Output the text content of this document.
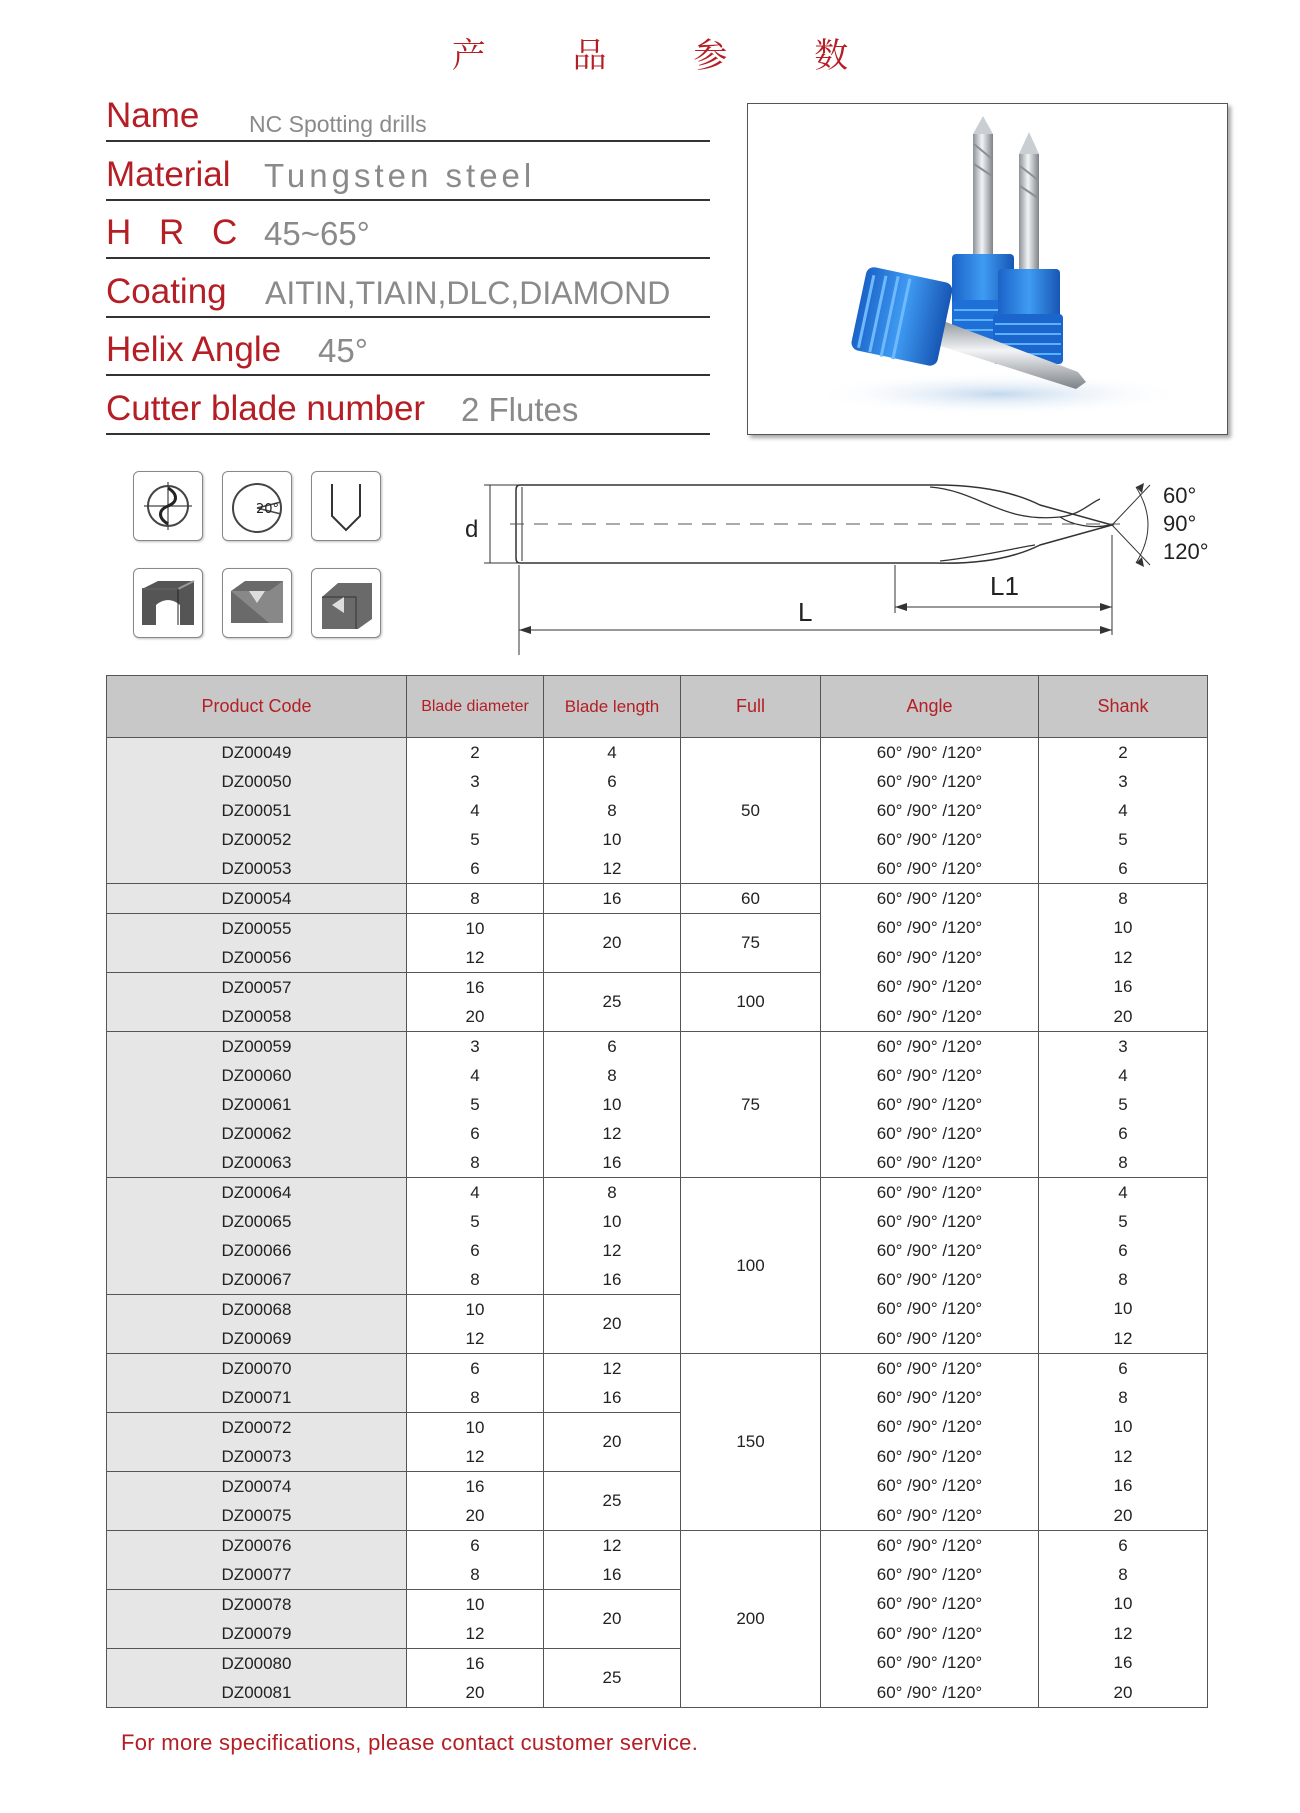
产 品 参 数
Name NC Spotting drills
Material Tungsten steel
H R C 45~65°
Coating AITIN,TIAIN,DLC,DIAMOND
Helix Angle 45°
Cutter blade number 2 Flutes
20°
d
L1
L
60°
90°
120°
Product Code	Blade diameter	Blade length	Full	Angle	Shank
DZ00049	2	4	50	60° /90° /120°	2
DZ00050	3	6		60° /90° /120°	3
DZ00051	4	8		60° /90° /120°	4
DZ00052	5	10		60° /90° /120°	5
DZ00053	6	12		60° /90° /120°	6
DZ00054	8	16	60	60° /90° /120°	8
DZ00055	10	20	75	60° /90° /120°	10
DZ00056	12			60° /90° /120°	12
DZ00057	16	25	100	60° /90° /120°	16
DZ00058	20			60° /90° /120°	20
DZ00059	3	6	75	60° /90° /120°	3
DZ00060	4	8		60° /90° /120°	4
DZ00061	5	10		60° /90° /120°	5
DZ00062	6	12		60° /90° /120°	6
DZ00063	8	16		60° /90° /120°	8
DZ00064	4	8	100	60° /90° /120°	4
DZ00065	5	10		60° /90° /120°	5
DZ00066	6	12		60° /90° /120°	6
DZ00067	8	16		60° /90° /120°	8
DZ00068	10	20		60° /90° /120°	10
DZ00069	12			60° /90° /120°	12
DZ00070	6	12	150	60° /90° /120°	6
DZ00071	8	16		60° /90° /120°	8
DZ00072	10	20		60° /90° /120°	10
DZ00073	12			60° /90° /120°	12
DZ00074	16	25		60° /90° /120°	16
DZ00075	20			60° /90° /120°	20
DZ00076	6	12	200	60° /90° /120°	6
DZ00077	8	16		60° /90° /120°	8
DZ00078	10	20		60° /90° /120°	10
DZ00079	12			60° /90° /120°	12
DZ00080	16	25		60° /90° /120°	16
DZ00081	20			60° /90° /120°	20
For more specifications, please contact customer service.
